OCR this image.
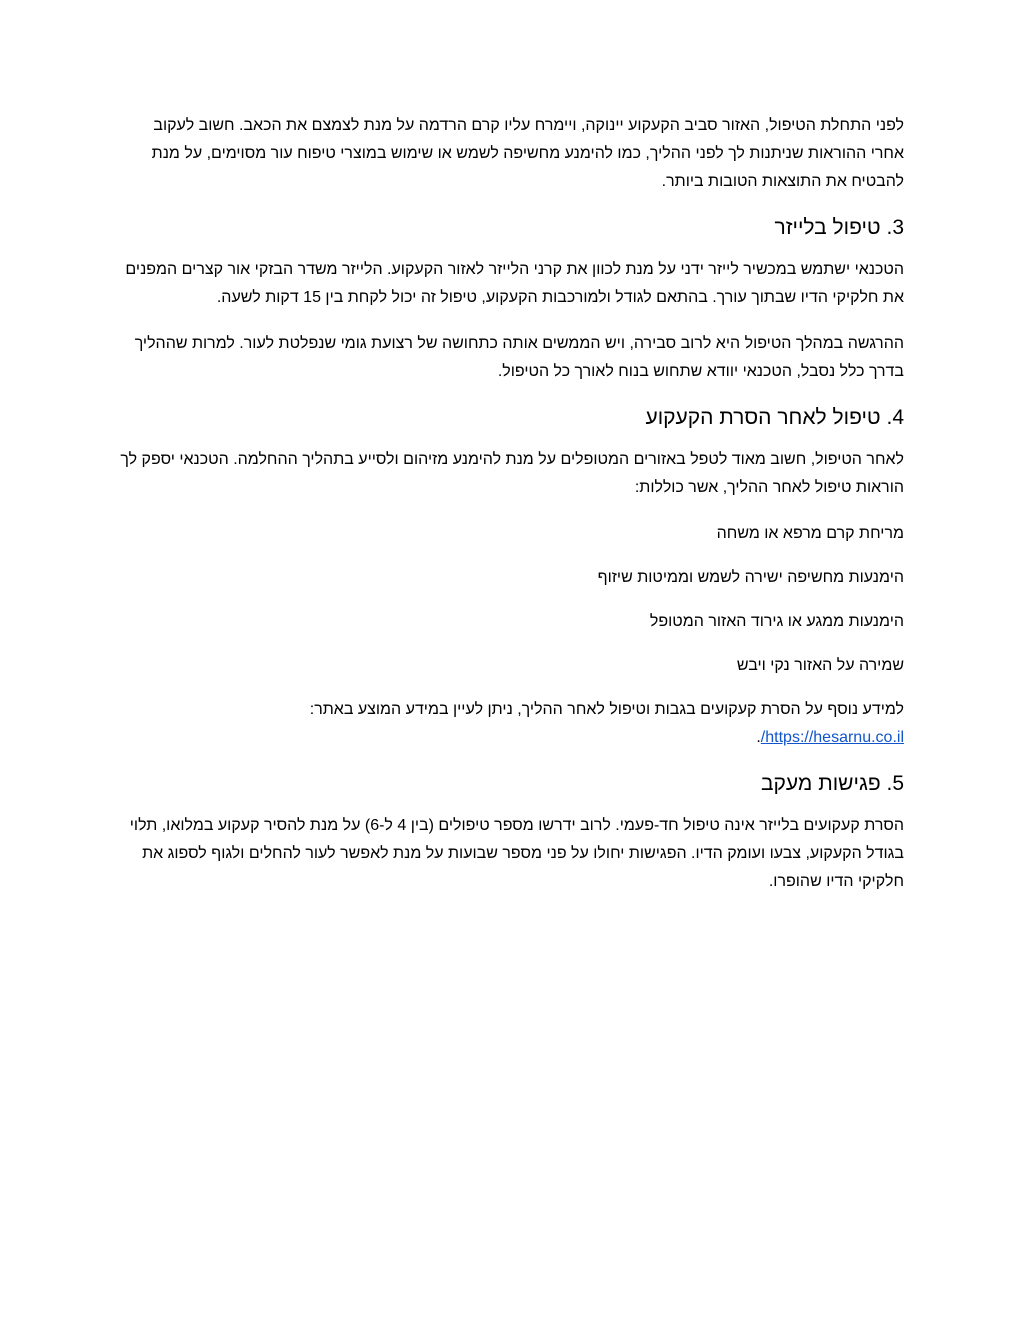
לפני התחלת הטיפול, האזור סביב הקעקוע יינוקה, ויימרח עליו קרם הרדמה על מנת לצמצם את הכאב. חשוב לעקוב אחרי ההוראות שניתנות לך לפני ההליך, כמו להימנע מחשיפה לשמש או שימוש במוצרי טיפוח עור מסוימים, על מנת להבטיח את התוצאות הטובות ביותר.

3. טיפול בלייזר

הטכנאי ישתמש במכשיר לייזר ידני על מנת לכוון את קרני הלייזר לאזור הקעקוע. הלייזר משדר הבזקי אור קצרים המפנים את חלקיקי הדיו שבתוך עורך. בהתאם לגודל ולמורכבות הקעקוע, טיפול זה יכול לקחת בין 15 דקות לשעה.

ההרגשה במהלך הטיפול היא לרוב סבירה, ויש הממשים אותה כתחושה של רצועת גומי שנפלטת לעור. למרות שההליך בדרך כלל נסבל, הטכנאי יוודא שתחוש בנוח לאורך כל הטיפול.

4. טיפול לאחר הסרת הקעקוע

לאחר הטיפול, חשוב מאוד לטפל באזורים המטופלים על מנת להימנע מזיהום ולסייע בתהליך ההחלמה. הטכנאי יספק לך הוראות טיפול לאחר ההליך, אשר כוללות:

מריחת קרם מרפא או משחה

הימנעות מחשיפה ישירה לשמש וממיטות שיזוף

הימנעות ממגע או גירוד האזור המטופל

שמירה על האזור נקי ויבש

למידע נוסף על הסרת קעקועים בגבות וטיפול לאחר ההליך, ניתן לעיין במידע המוצע באתר:
https://hesarnu.co.il/.

5. פגישות מעקב

הסרת קעקועים בלייזר אינה טיפול חד-פעמי. לרוב ידרשו מספר טיפולים (בין 4 ל-6) על מנת להסיר קעקוע במלואו, תלוי בגודל הקעקוע, צבעו ועומק הדיו. הפגישות יחולו על פני מספר שבועות על מנת לאפשר לעור להחלים ולגוף לספוג את חלקיקי הדיו שהופרו.
